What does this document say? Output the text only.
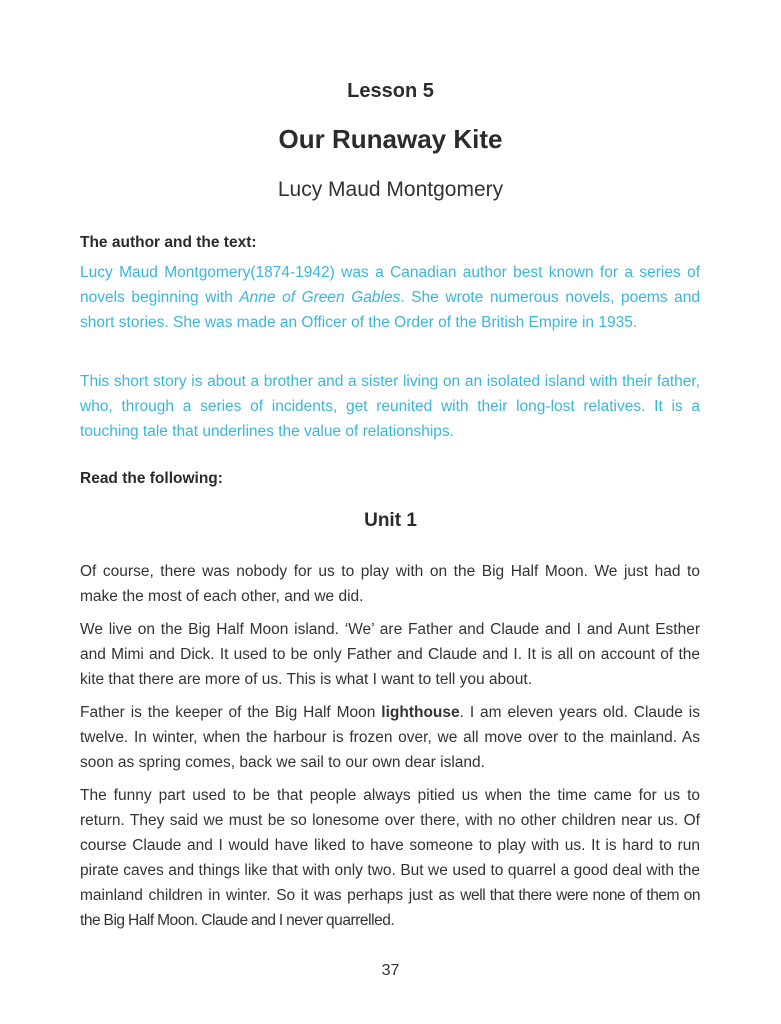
Lesson 5
Our Runaway Kite
Lucy Maud Montgomery
The author and the text:

Lucy Maud Montgomery(1874-1942) was a Canadian author best known for a series of novels beginning with Anne of Green Gables. She wrote numerous novels, poems and short stories. She was made an Officer of the Order of the British Empire in 1935.

This short story is about a brother and a sister living on an isolated island with their father, who, through a series of incidents, get reunited with their long-lost relatives. It is a touching tale that underlines the value of relationships.

Read the following:
Unit 1

Of course, there was nobody for us to play with on the Big Half Moon. We just had to make the most of each other, and we did.

We live on the Big Half Moon island. ‘We’ are Father and Claude and I and Aunt Esther and Mimi and Dick. It used to be only Father and Claude and I. It is all on account of the kite that there are more of us. This is what I want to tell you about.

Father is the keeper of the Big Half Moon lighthouse. I am eleven years old. Claude is twelve. In winter, when the harbour is frozen over, we all move over to the mainland. As soon as spring comes, back we sail to our own dear island.

The funny part used to be that people always pitied us when the time came for us to return. They said we must be so lonesome over there, with no other children near us. Of course Claude and I would have liked to have someone to play with us. It is hard to run pirate caves and things like that with only two. But we used to quarrel a good deal with the mainland children in winter. So it was perhaps just as well that there were none of them on the Big Half Moon. Claude and I never quarrelled.

37
